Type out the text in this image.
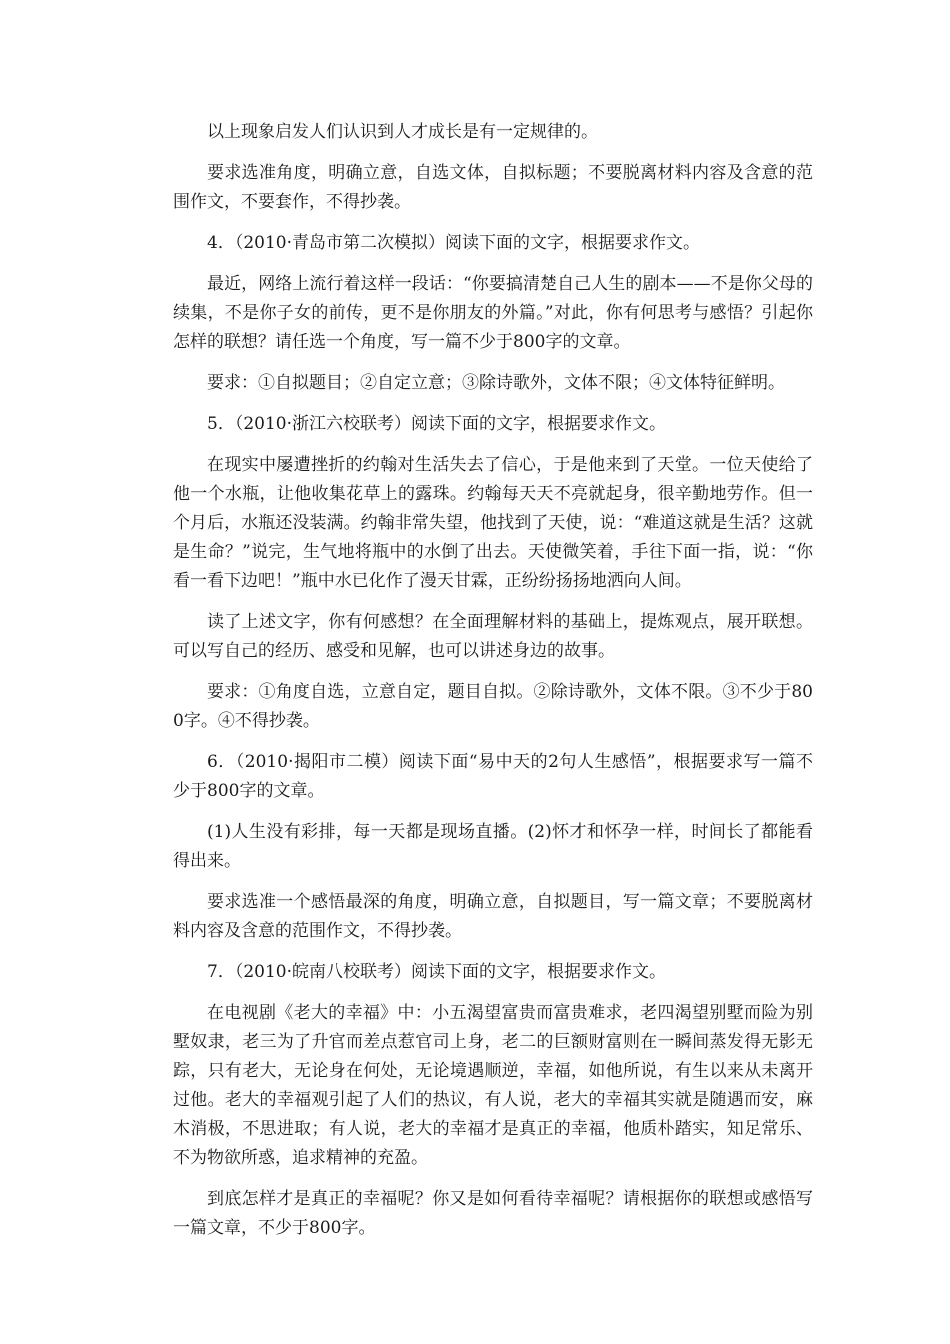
以上现象启发人们认识到人才成长是有一定规律的。

要求选准角度，明确立意，自选文体，自拟标题；不要脱离材料内容及含意的范围作文，不要套作，不得抄袭。

4．（2010·青岛市第二次模拟）阅读下面的文字，根据要求作文。

最近，网络上流行着这样一段话：“你要搞清楚自己人生的剧本——不是你父母的续集，不是你子女的前传，更不是你朋友的外篇。”对此，你有何思考与感悟？引起你怎样的联想？请任选一个角度，写一篇不少于800字的文章。

要求：①自拟题目；②自定立意；③除诗歌外，文体不限；④文体特征鲜明。

5．（2010·浙江六校联考）阅读下面的文字，根据要求作文。

在现实中屡遭挫折的约翰对生活失去了信心，于是他来到了天堂。一位天使给了他一个水瓶，让他收集花草上的露珠。约翰每天天不亮就起身，很辛勤地劳作。但一个月后，水瓶还没装满。约翰非常失望，他找到了天使，说：“难道这就是生活？这就是生命？”说完，生气地将瓶中的水倒了出去。天使微笑着，手往下面一指，说：“你看一看下边吧！”瓶中水已化作了漫天甘霖，正纷纷扬扬地洒向人间。

读了上述文字，你有何感想？在全面理解材料的基础上，提炼观点，展开联想。可以写自己的经历、感受和见解，也可以讲述身边的故事。

要求：①角度自选，立意自定，题目自拟。②除诗歌外，文体不限。③不少于800字。④不得抄袭。

6．（2010·揭阳市二模）阅读下面“易中天的2句人生感悟”，根据要求写一篇不少于800字的文章。

(1)人生没有彩排，每一天都是现场直播。(2)怀才和怀孕一样，时间长了都能看得出来。

要求选准一个感悟最深的角度，明确立意，自拟题目，写一篇文章；不要脱离材料内容及含意的范围作文，不得抄袭。

7．（2010·皖南八校联考）阅读下面的文字，根据要求作文。

在电视剧《老大的幸福》中：小五渴望富贵而富贵难求，老四渴望别墅而险为别墅奴隶，老三为了升官而差点惹官司上身，老二的巨额财富则在一瞬间蒸发得无影无踪，只有老大，无论身在何处，无论境遇顺逆，幸福，如他所说，有生以来从未离开过他。老大的幸福观引起了人们的热议，有人说，老大的幸福其实就是随遇而安，麻木消极，不思进取；有人说，老大的幸福才是真正的幸福，他质朴踏实，知足常乐、不为物欲所惑，追求精神的充盈。

到底怎样才是真正的幸福呢？你又是如何看待幸福呢？请根据你的联想或感悟写一篇文章，不少于800字。
